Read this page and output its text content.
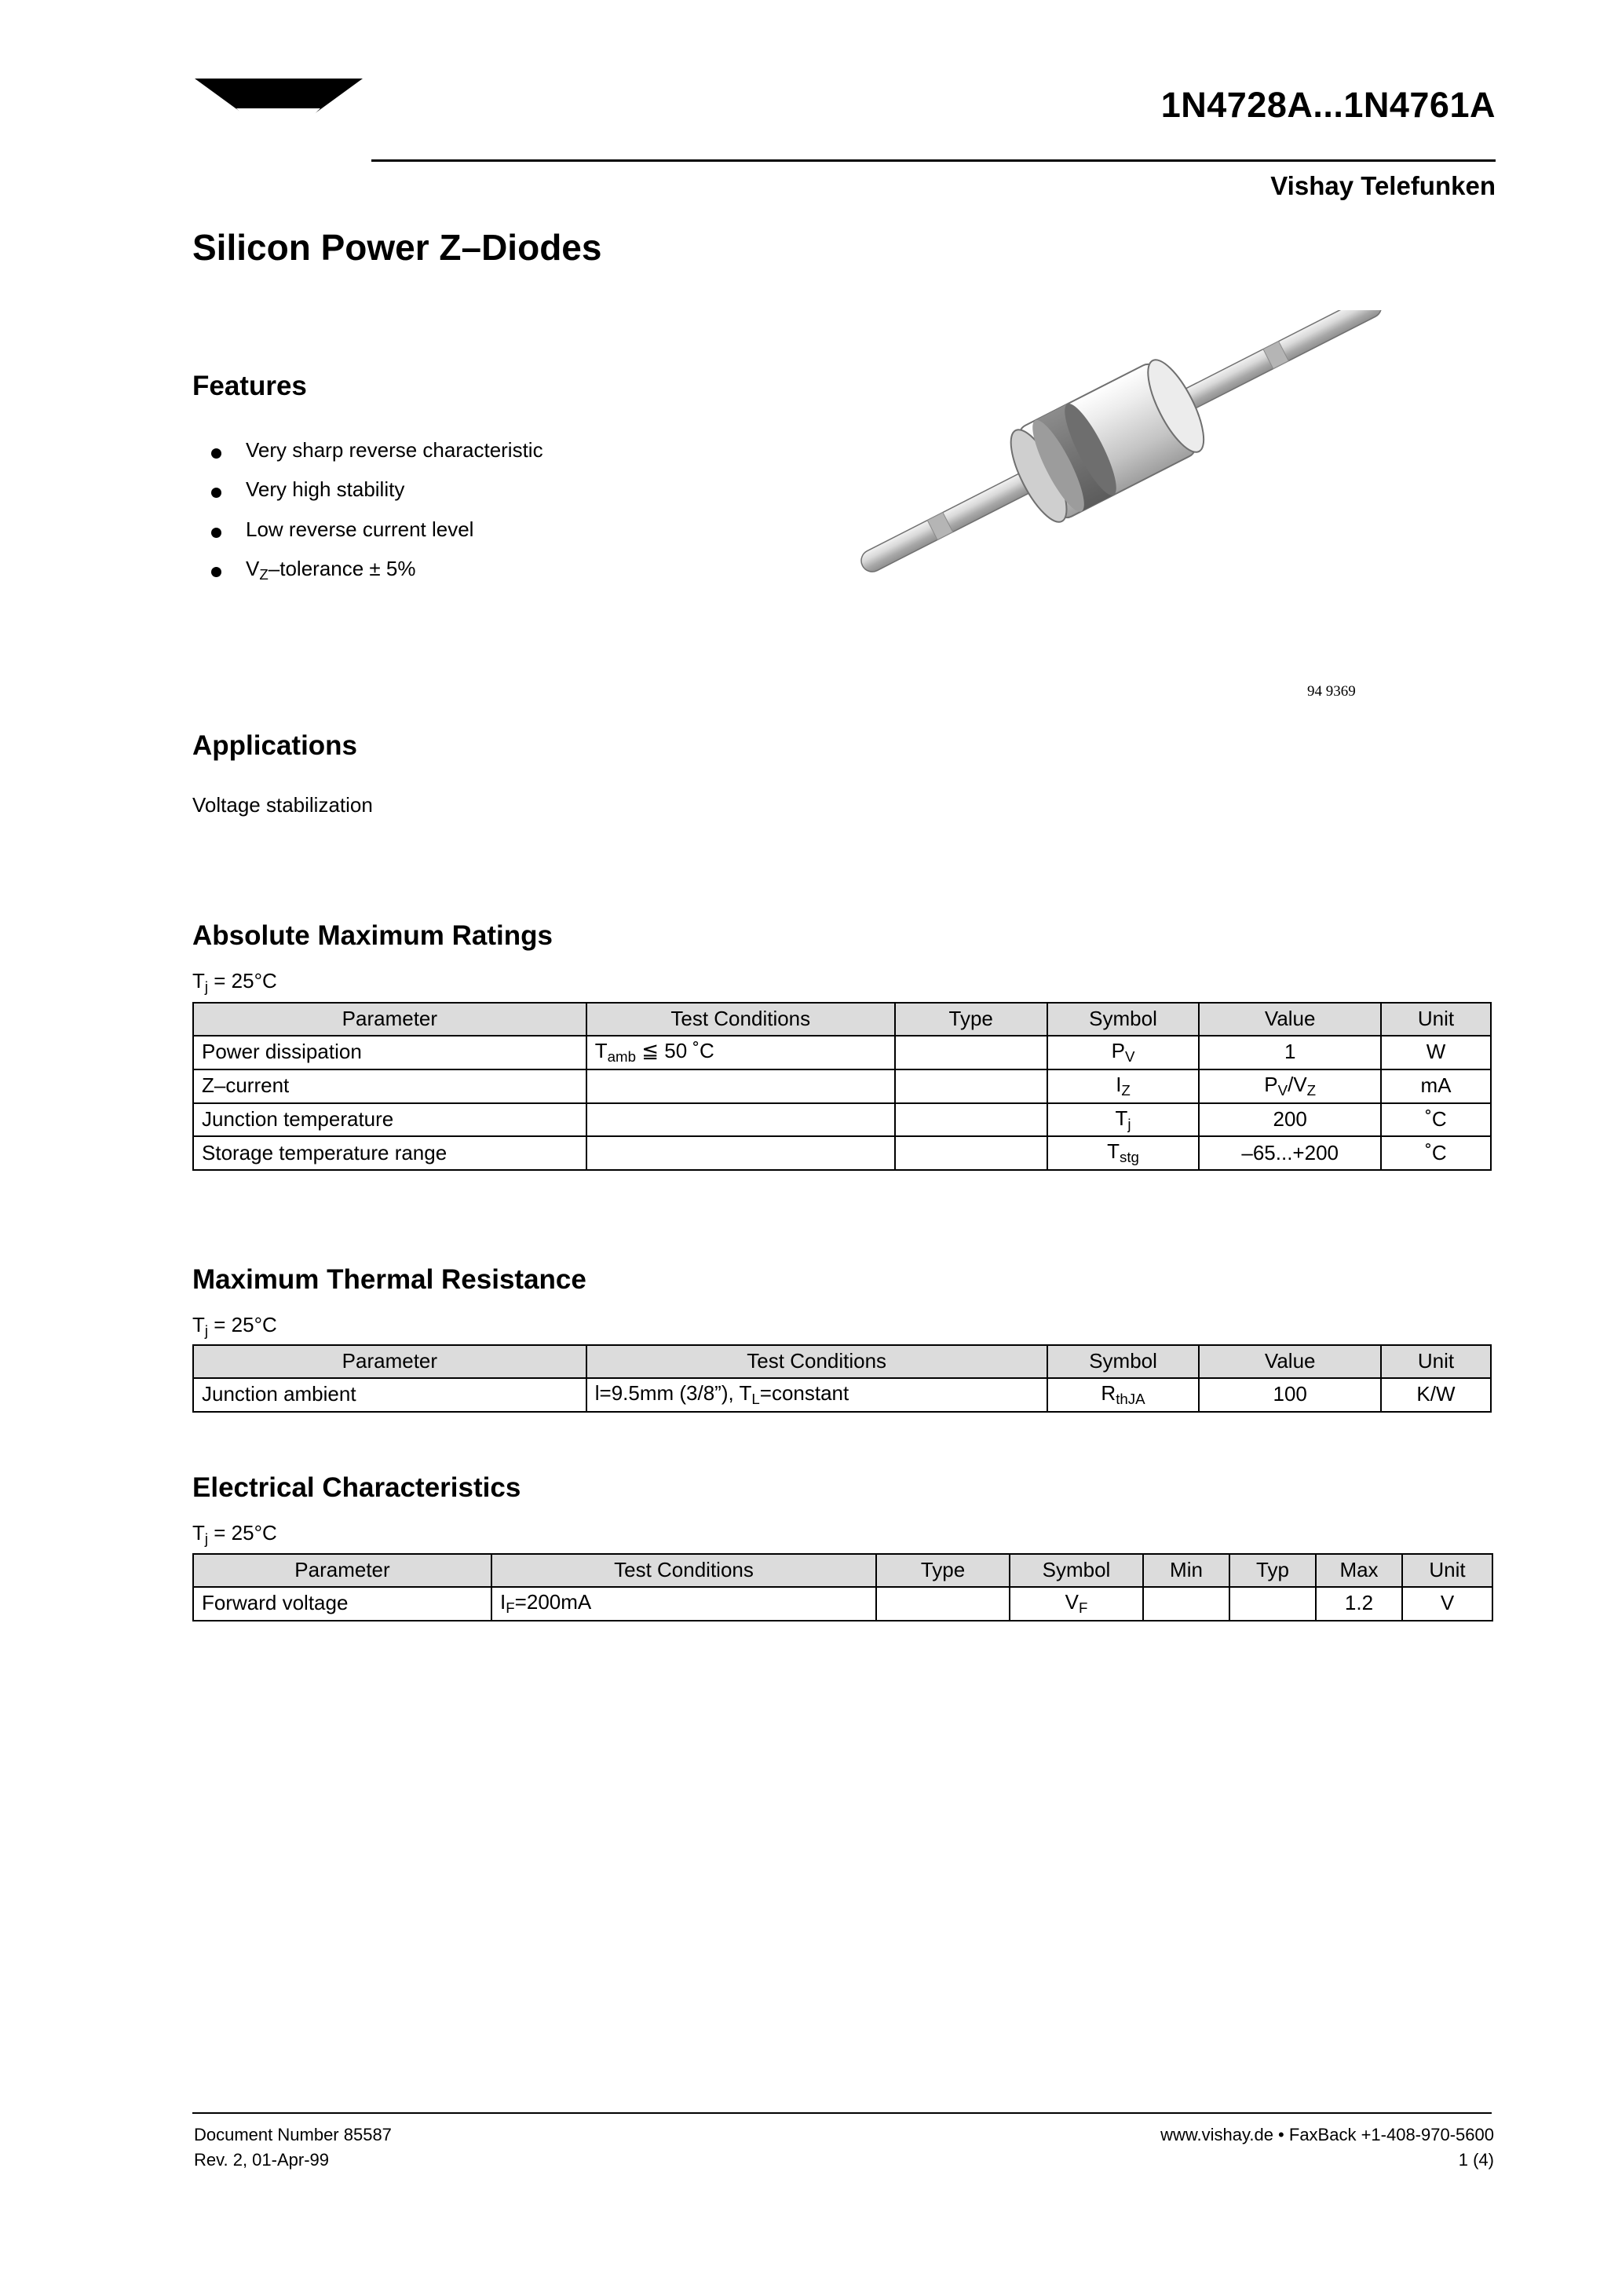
VISHAY	1N4728A...1N4761A
Vishay Telefunken
Silicon Power Z–Diodes
Features
Very sharp reverse characteristic
Very high stability
Low reverse current level
$V_Z$–tolerance ± 5%
94 9369
Applications
Voltage stabilization
Absolute Maximum Ratings
$T_j = 25^\circ C$
Parameter	Test Conditions	Type	Symbol	Value	Unit
Power dissipation	$T_{amb}$ ≦ 50 ˚C		$P_V$	1	W
Z–current			$I_Z$	$P_V/V_Z$	mA
Junction temperature			$T_j$	200	˚C
Storage temperature range			$T_{stg}$	–65...+200	˚C
Maximum Thermal Resistance
$T_j = 25^\circ C$
Parameter	Test Conditions	Symbol	Value	Unit
Junction ambient	l=9.5mm (3/8”), $T_L=constant$	$R_{thJA}$	100	K/W
Electrical Characteristics
$T_j = 25^\circ C$
Parameter	Test Conditions	Type	Symbol	Min	Typ	Max	Unit
Forward voltage	$I_F=200mA$		$V_F$			1.2	V
Document Number 85587
Rev. 2, 01-Apr-99
www.vishay.de • FaxBack +1-408-970-5600
1 (4)
